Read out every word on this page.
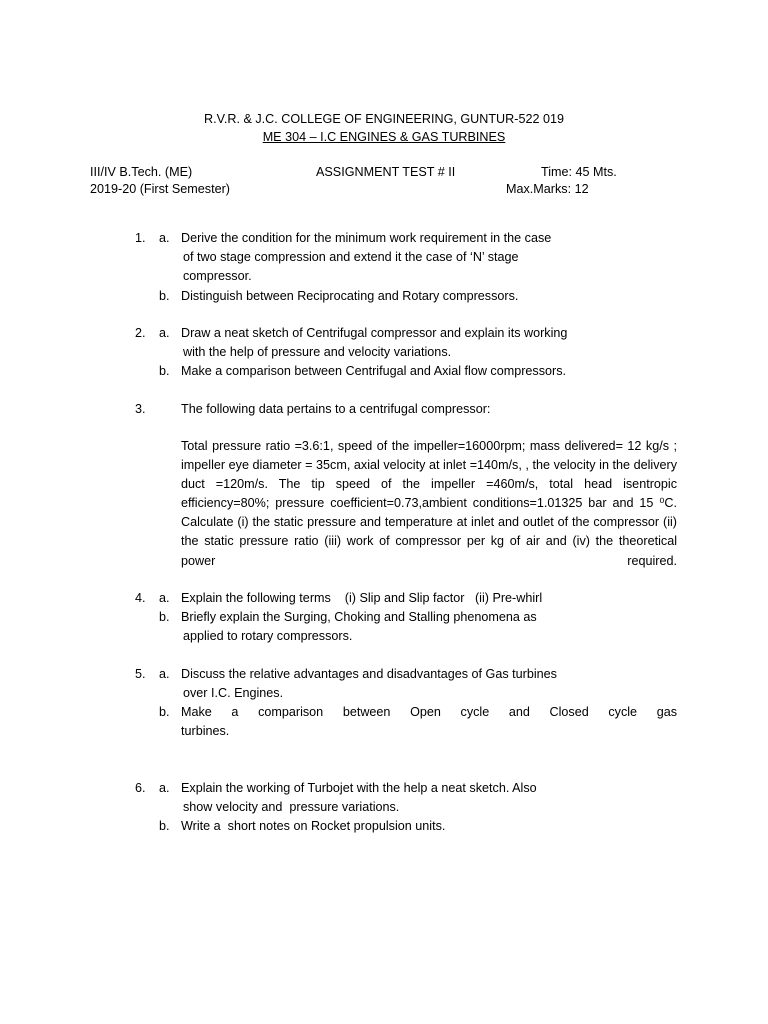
R.V.R. & J.C. COLLEGE OF ENGINEERING, GUNTUR-522 019
ME 304 – I.C ENGINES & GAS TURBINES
III/IV B.Tech. (ME)	ASSIGNMENT TEST # II	Time: 45 Mts.
2019-20 (First Semester)	Max.Marks: 12
1. a. Derive the condition for the minimum work requirement in the case
of two stage compression and extend it the case of ‘N’ stage
compressor.
b. Distinguish between Reciprocating and Rotary compressors.
2. a. Draw a neat sketch of Centrifugal compressor and explain its working
with the help of pressure and velocity variations.
b. Make a comparison between Centrifugal and Axial flow compressors.
3.	The following data pertains to a centrifugal compressor:
Total pressure ratio =3.6:1, speed of the impeller=16000rpm; mass delivered= 12 kg/s ; impeller eye diameter = 35cm, axial velocity at inlet =140m/s, , the velocity in the delivery duct =120m/s. The tip speed of the impeller =460m/s, total head isentropic efficiency=80%; pressure coefficient=0.73,ambient conditions=1.01325 bar and 15 ⁰C. Calculate (i) the static pressure and temperature at inlet and outlet of the compressor (ii) the static pressure ratio (iii) work of compressor per kg of air and (iv) the theoretical power required.
4. a. Explain the following terms    (i) Slip and Slip factor   (ii) Pre-whirl
b. Briefly explain the Surging, Choking and Stalling phenomena as
applied to rotary compressors.
5. a. Discuss the relative advantages and disadvantages of Gas turbines
over I.C. Engines.
b. Make a comparison between Open cycle and Closed cycle gas
turbines.
6. a. Explain the working of Turbojet with the help a neat sketch. Also
show velocity and  pressure variations.
b. Write a  short notes on Rocket propulsion units.
